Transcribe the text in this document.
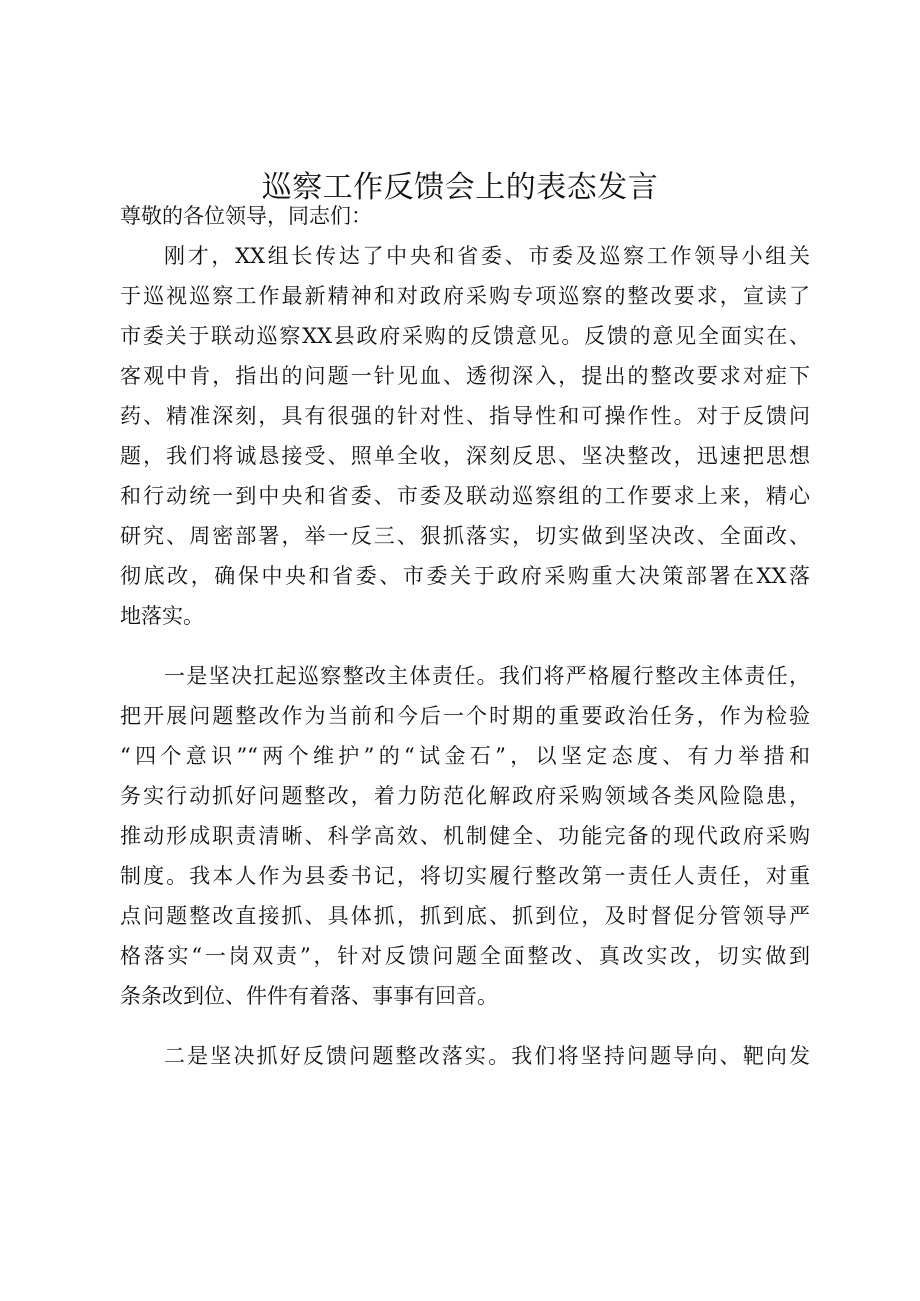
巡察工作反馈会上的表态发言
尊敬的各位领导，同志们：
刚才，XX组长传达了中央和省委、市委及巡察工作领导小组关
于巡视巡察工作最新精神和对政府采购专项巡察的整改要求，宣读了
市委关于联动巡察XX县政府采购的反馈意见。反馈的意见全面实在、
客观中肯，指出的问题一针见血、透彻深入，提出的整改要求对症下
药、精准深刻，具有很强的针对性、指导性和可操作性。对于反馈问
题，我们将诚恳接受、照单全收，深刻反思、坚决整改，迅速把思想
和行动统一到中央和省委、市委及联动巡察组的工作要求上来，精心
研究、周密部署，举一反三、狠抓落实，切实做到坚决改、全面改、
彻底改，确保中央和省委、市委关于政府采购重大决策部署在XX落
地落实。
一是坚决扛起巡察整改主体责任。我们将严格履行整改主体责任，
把开展问题整改作为当前和今后一个时期的重要政治任务，作为检验
“四个意识”“两个维护”的“试金石”，以坚定态度、有力举措和
务实行动抓好问题整改，着力防范化解政府采购领域各类风险隐患，
推动形成职责清晰、科学高效、机制健全、功能完备的现代政府采购
制度。我本人作为县委书记，将切实履行整改第一责任人责任，对重
点问题整改直接抓、具体抓，抓到底、抓到位，及时督促分管领导严
格落实“一岗双责”，针对反馈问题全面整改、真改实改，切实做到
条条改到位、件件有着落、事事有回音。
二是坚决抓好反馈问题整改落实。我们将坚持问题导向、靶向发
